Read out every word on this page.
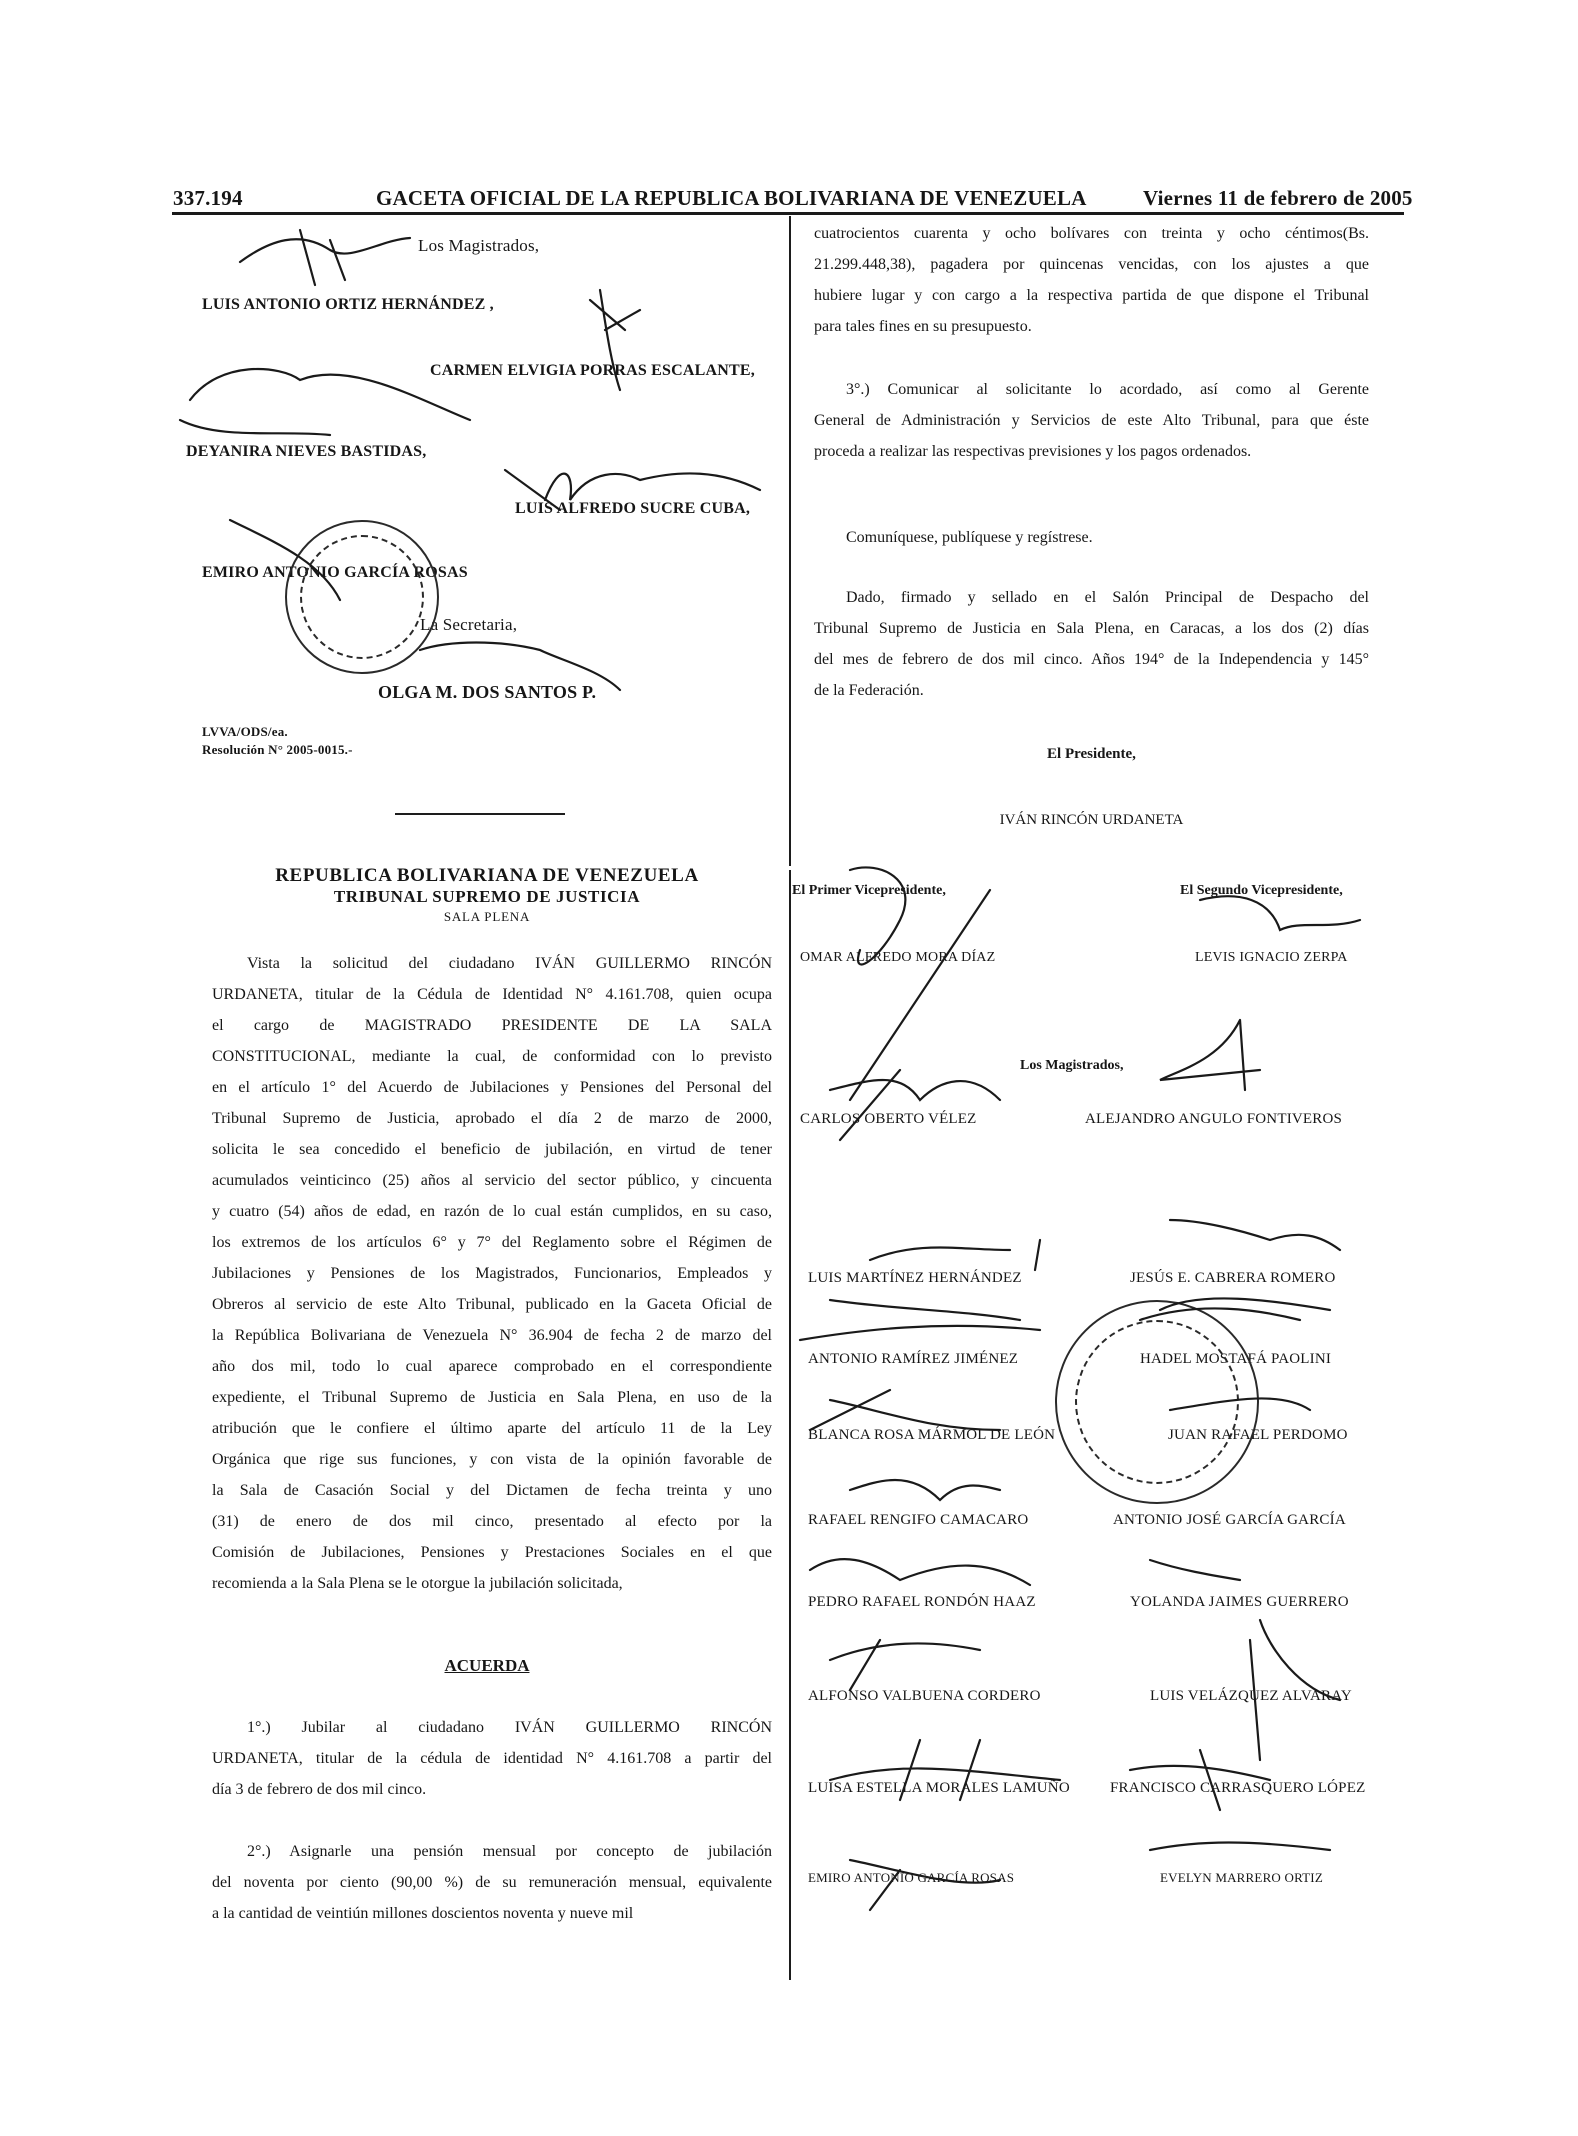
337.194	GACETA OFICIAL DE LA REPUBLICA BOLIVARIANA DE VENEZUELA	Viernes 11 de febrero de 2005
Los Magistrados,
LUIS ANTONIO ORTIZ HERNÁNDEZ ,
CARMEN ELVIGIA PORRAS ESCALANTE,
DEYANIRA NIEVES BASTIDAS,
LUIS ALFREDO SUCRE CUBA,
EMIRO ANTONIO GARCÍA ROSAS
La Secretaria,
OLGA M. DOS SANTOS P.
LVVA/ODS/ea.
Resolución N° 2005-0015.-
REPUBLICA BOLIVARIANA DE VENEZUELA
TRIBUNAL SUPREMO DE JUSTICIA
SALA PLENA
Vista la solicitud del ciudadano IVÁN GUILLERMO RINCÓN
URDANETA, titular de la Cédula de Identidad N° 4.161.708, quien ocupa
el cargo de MAGISTRADO PRESIDENTE DE LA SALA
CONSTITUCIONAL, mediante la cual, de conformidad con lo previsto
en el artículo 1° del Acuerdo de Jubilaciones y Pensiones del Personal del
Tribunal Supremo de Justicia, aprobado el día 2 de marzo de 2000,
solicita le sea concedido el beneficio de jubilación, en virtud de tener
acumulados veinticinco (25) años al servicio del sector público, y cincuenta
y cuatro (54) años de edad, en razón de lo cual están cumplidos, en su caso,
los extremos de los artículos 6° y 7° del Reglamento sobre el Régimen de
Jubilaciones y Pensiones de los Magistrados, Funcionarios, Empleados y
Obreros al servicio de este Alto Tribunal, publicado en la Gaceta Oficial de
la República Bolivariana de Venezuela N° 36.904 de fecha 2 de marzo del
año dos mil, todo lo cual aparece comprobado en el correspondiente
expediente, el Tribunal Supremo de Justicia en Sala Plena, en uso de la
atribución que le confiere el último aparte del artículo 11 de la Ley
Orgánica que rige sus funciones, y con vista de la opinión favorable de
la Sala de Casación Social y del Dictamen de fecha treinta y uno
(31) de enero de dos mil cinco, presentado al efecto por la
Comisión de Jubilaciones, Pensiones y Prestaciones Sociales en el que
recomienda a la Sala Plena se le otorgue la jubilación solicitada,
ACUERDA
1°.) Jubilar al ciudadano IVÁN GUILLERMO RINCÓN
URDANETA, titular de la cédula de identidad N° 4.161.708 a partir del
día 3 de febrero de dos mil cinco.
2°.) Asignarle una pensión mensual por concepto de jubilación
del noventa por ciento (90,00 %) de su remuneración mensual, equivalente
a la cantidad de veintiún millones doscientos noventa y nueve mil
cuatrocientos cuarenta y ocho bolívares con treinta y ocho céntimos(Bs.
21.299.448,38), pagadera por quincenas vencidas, con los ajustes a que
hubiere lugar y con cargo a la respectiva partida de que dispone el Tribunal
para tales fines en su presupuesto.
3°.) Comunicar al solicitante lo acordado, así como al Gerente
General de Administración y Servicios de este Alto Tribunal, para que éste
proceda a realizar las respectivas previsiones y los pagos ordenados.
Comuníquese, publíquese y regístrese.
Dado, firmado y sellado en el Salón Principal de Despacho del
Tribunal Supremo de Justicia en Sala Plena, en Caracas, a los dos (2) días
del mes de febrero de dos mil cinco. Años 194° de la Independencia y 145°
de la Federación.
El Presidente,
IVÁN RINCÓN URDANETA
El Primer Vicepresidente,
OMAR ALFREDO MORA DÍAZ
El Segundo Vicepresidente,
LEVIS IGNACIO ZERPA
Los Magistrados,
CARLOS OBERTO VÉLEZ	ALEJANDRO ANGULO FONTIVEROS
LUIS MARTÍNEZ HERNÁNDEZ	JESÚS E. CABRERA ROMERO
ANTONIO RAMÍREZ JIMÉNEZ	HADEL MOSTAFÁ PAOLINI
BLANCA ROSA MÁRMOL DE LEÓN	JUAN RAFAEL PERDOMO
RAFAEL RENGIFO CAMACARO	ANTONIO JOSÉ GARCÍA GARCÍA
PEDRO RAFAEL RONDÓN HAAZ	YOLANDA JAIMES GUERRERO
ALFONSO VALBUENA CORDERO	LUIS VELÁZQUEZ ALVARAY
LUISA ESTELLA MORALES LAMUÑO	FRANCISCO CARRASQUERO LÓPEZ
EMIRO ANTONIO GARCÍA ROSAS	EVELYN MARRERO ORTIZ
